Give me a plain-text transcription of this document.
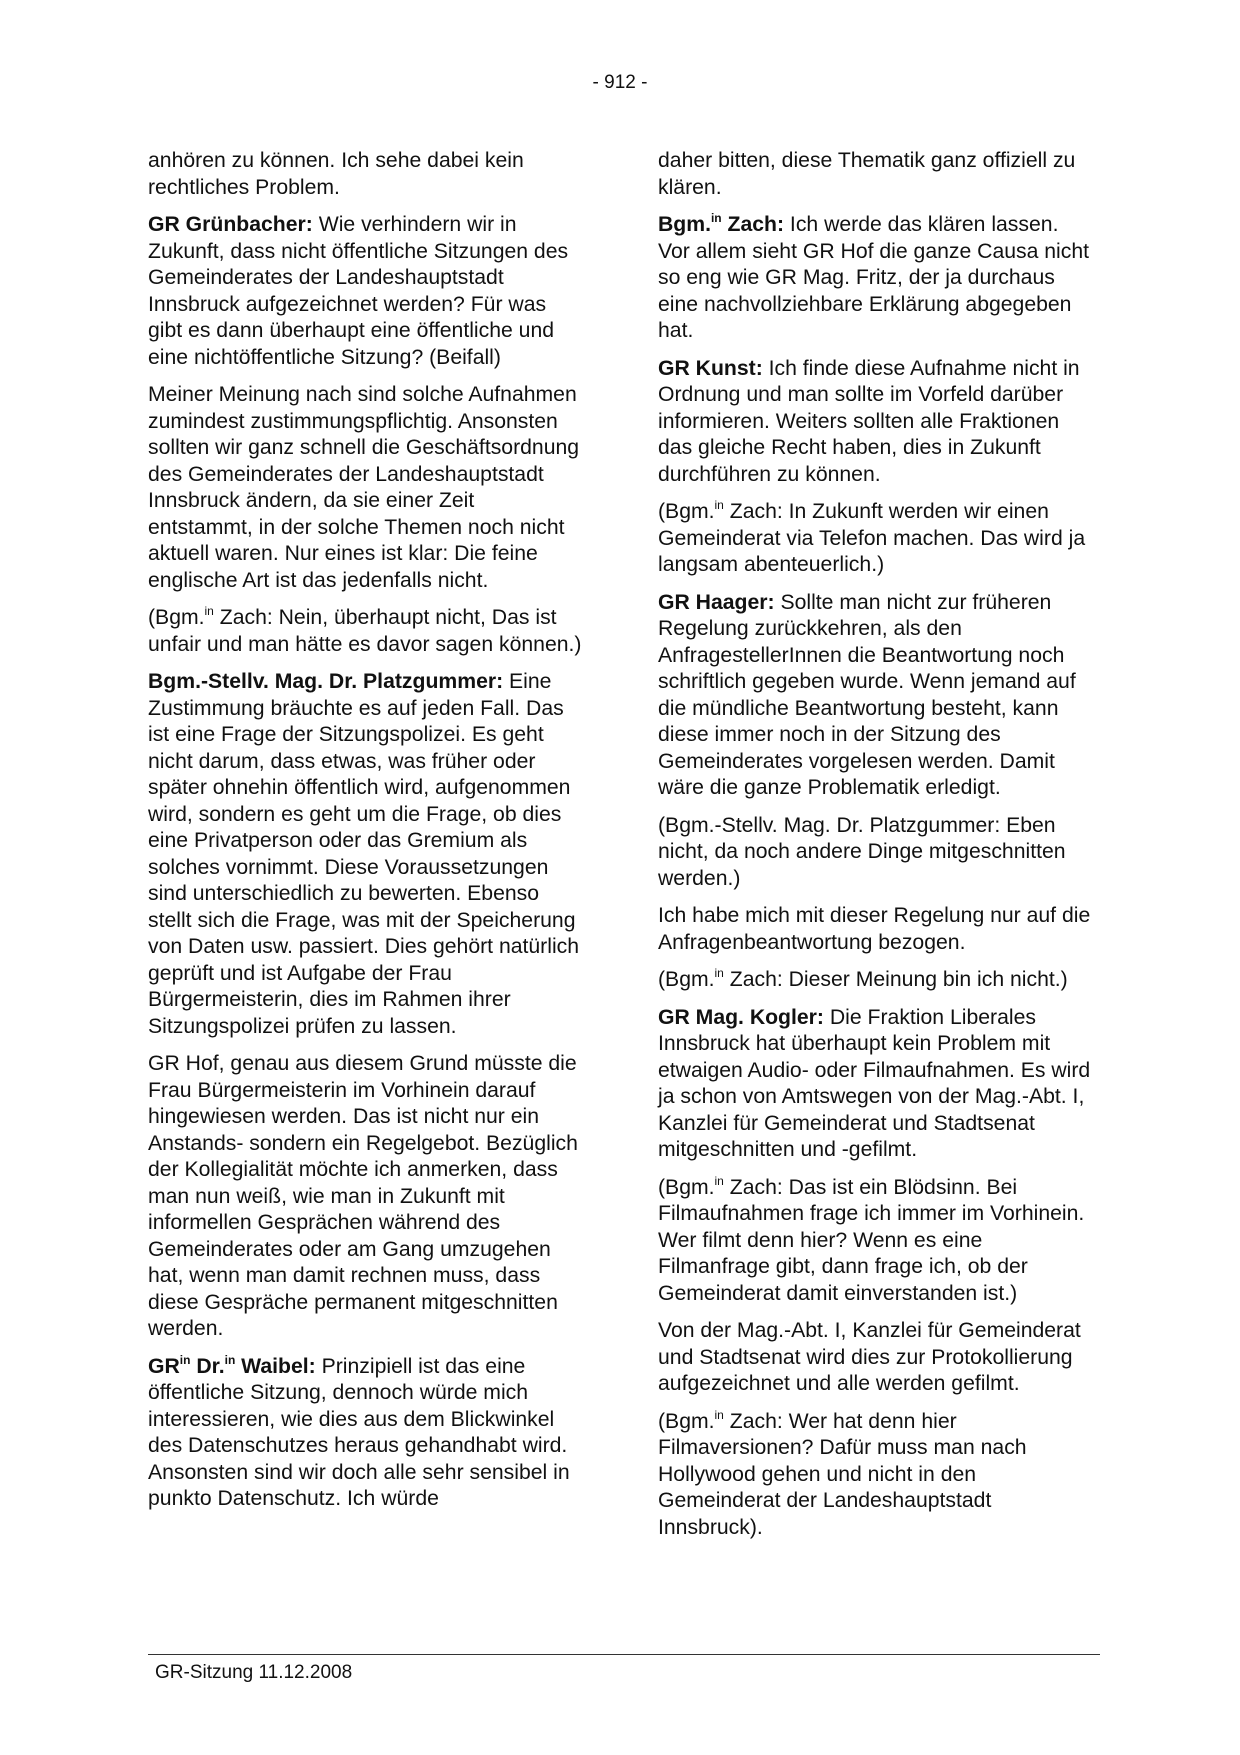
- 912 -

anhören zu können. Ich sehe dabei kein rechtliches Problem.

GR Grünbacher: Wie verhindern wir in Zukunft, dass nicht öffentliche Sitzungen des Gemeinderates der Landeshauptstadt Innsbruck aufgezeichnet werden? Für was gibt es dann überhaupt eine öffentliche und eine nichtöffentliche Sitzung? (Beifall)

Meiner Meinung nach sind solche Aufnahmen zumindest zustimmungspflichtig. Ansonsten sollten wir ganz schnell die Geschäftsordnung des Gemeinderates der Landeshauptstadt Innsbruck ändern, da sie einer Zeit entstammt, in der solche Themen noch nicht aktuell waren. Nur eines ist klar: Die feine englische Art ist das jedenfalls nicht.

(Bgm.$^{in}$ Zach: Nein, überhaupt nicht, Das ist unfair und man hätte es davor sagen können.)

Bgm.-Stellv. Mag. Dr. Platzgummer: Eine Zustimmung bräuchte es auf jeden Fall. Das ist eine Frage der Sitzungspolizei. Es geht nicht darum, dass etwas, was früher oder später ohnehin öffentlich wird, aufgenommen wird, sondern es geht um die Frage, ob dies eine Privatperson oder das Gremium als solches vornimmt. Diese Voraussetzungen sind unterschiedlich zu bewerten. Ebenso stellt sich die Frage, was mit der Speicherung von Daten usw. passiert. Dies gehört natürlich geprüft und ist Aufgabe der Frau Bürgermeisterin, dies im Rahmen ihrer Sitzungspolizei prüfen zu lassen.

GR Hof, genau aus diesem Grund müsste die Frau Bürgermeisterin im Vorhinein darauf hingewiesen werden. Das ist nicht nur ein Anstands- sondern ein Regelgebot. Bezüglich der Kollegialität möchte ich anmerken, dass man nun weiß, wie man in Zukunft mit informellen Gesprächen während des Gemeinderates oder am Gang umzugehen hat, wenn man damit rechnen muss, dass diese Gespräche permanent mitgeschnitten werden.

$GR^{in}$ Dr.$^{in}$ Waibel: Prinzipiell ist das eine öffentliche Sitzung, dennoch würde mich interessieren, wie dies aus dem Blickwinkel des Datenschutzes heraus gehandhabt wird. Ansonsten sind wir doch alle sehr sensibel in punkto Datenschutz. Ich würde

daher bitten, diese Thematik ganz offiziell zu klären.

Bgm.$^{in}$ Zach: Ich werde das klären lassen. Vor allem sieht GR Hof die ganze Causa nicht so eng wie GR Mag. Fritz, der ja durchaus eine nachvollziehbare Erklärung abgegeben hat.

GR Kunst: Ich finde diese Aufnahme nicht in Ordnung und man sollte im Vorfeld darüber informieren. Weiters sollten alle Fraktionen das gleiche Recht haben, dies in Zukunft durchführen zu können.

(Bgm.$^{in}$ Zach: In Zukunft werden wir einen Gemeinderat via Telefon machen. Das wird ja langsam abenteuerlich.)

GR Haager: Sollte man nicht zur früheren Regelung zurückkehren, als den AnfragestellerInnen die Beantwortung noch schriftlich gegeben wurde. Wenn jemand auf die mündliche Beantwortung besteht, kann diese immer noch in der Sitzung des Gemeinderates vorgelesen werden. Damit wäre die ganze Problematik erledigt.

(Bgm.-Stellv. Mag. Dr. Platzgummer: Eben nicht, da noch andere Dinge mitgeschnitten werden.)

Ich habe mich mit dieser Regelung nur auf die Anfragenbeantwortung bezogen.

(Bgm.$^{in}$ Zach: Dieser Meinung bin ich nicht.)

GR Mag. Kogler: Die Fraktion Liberales Innsbruck hat überhaupt kein Problem mit etwaigen Audio- oder Filmaufnahmen. Es wird ja schon von Amtswegen von der Mag.-Abt. I, Kanzlei für Gemeinderat und Stadtsenat mitgeschnitten und -gefilmt.

(Bgm.$^{in}$ Zach: Das ist ein Blödsinn. Bei Filmaufnahmen frage ich immer im Vorhinein. Wer filmt denn hier? Wenn es eine Filmanfrage gibt, dann frage ich, ob der Gemeinderat damit einverstanden ist.)

Von der Mag.-Abt. I, Kanzlei für Gemeinderat und Stadtsenat wird dies zur Protokollierung aufgezeichnet und alle werden gefilmt.

(Bgm.$^{in}$ Zach: Wer hat denn hier Filmaversionen? Dafür muss man nach Hollywood gehen und nicht in den Gemeinderat der Landeshauptstadt Innsbruck).

GR-Sitzung 11.12.2008
